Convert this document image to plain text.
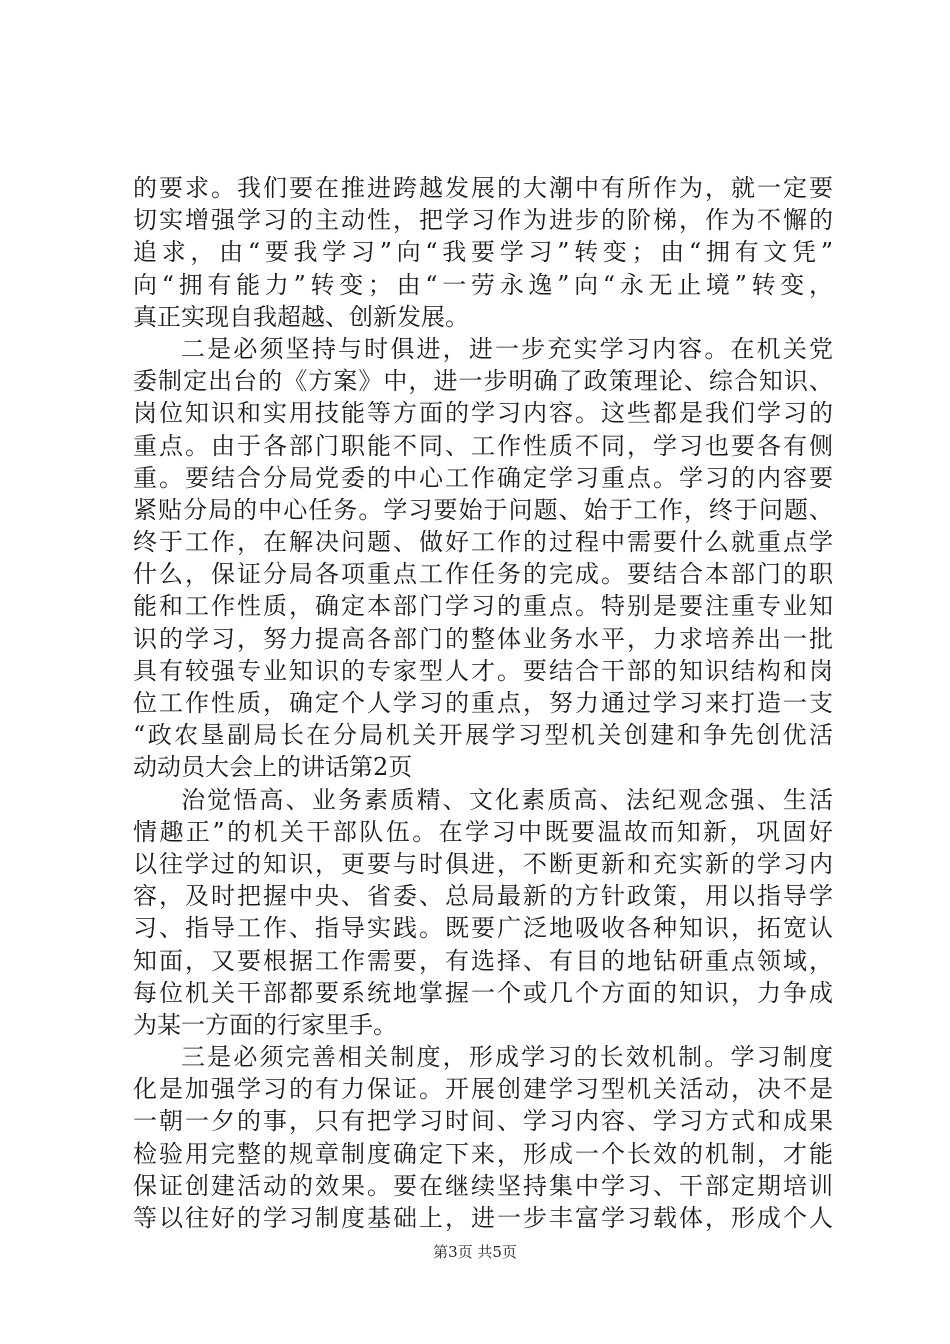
的要求。我们要在推进跨越发展的大潮中有所作为，就一定要
切实增强学习的主动性，把学习作为进步的阶梯，作为不懈的
追求，由“要我学习”向“我要学习”转变；由“拥有文凭”
向“拥有能力”转变；由“一劳永逸”向“永无止境”转变，
真正实现自我超越、创新发展。
二是必须坚持与时俱进，进一步充实学习内容。在机关党
委制定出台的《方案》中，进一步明确了政策理论、综合知识、
岗位知识和实用技能等方面的学习内容。这些都是我们学习的
重点。由于各部门职能不同、工作性质不同，学习也要各有侧
重。要结合分局党委的中心工作确定学习重点。学习的内容要
紧贴分局的中心任务。学习要始于问题、始于工作，终于问题、
终于工作，在解决问题、做好工作的过程中需要什么就重点学
什么，保证分局各项重点工作任务的完成。要结合本部门的职
能和工作性质，确定本部门学习的重点。特别是要注重专业知
识的学习，努力提高各部门的整体业务水平，力求培养出一批
具有较强专业知识的专家型人才。要结合干部的知识结构和岗
位工作性质，确定个人学习的重点，努力通过学习来打造一支
“政农垦副局长在分局机关开展学习型机关创建和争先创优活
动动员大会上的讲话第2页
治觉悟高、业务素质精、文化素质高、法纪观念强、生活
情趣正”的机关干部队伍。在学习中既要温故而知新，巩固好
以往学过的知识，更要与时俱进，不断更新和充实新的学习内
容，及时把握中央、省委、总局最新的方针政策，用以指导学
习、指导工作、指导实践。既要广泛地吸收各种知识，拓宽认
知面，又要根据工作需要，有选择、有目的地钻研重点领域，
每位机关干部都要系统地掌握一个或几个方面的知识，力争成
为某一方面的行家里手。
三是必须完善相关制度，形成学习的长效机制。学习制度
化是加强学习的有力保证。开展创建学习型机关活动，决不是
一朝一夕的事，只有把学习时间、学习内容、学习方式和成果
检验用完整的规章制度确定下来，形成一个长效的机制，才能
保证创建活动的效果。要在继续坚持集中学习、干部定期培训
等以往好的学习制度基础上，进一步丰富学习载体，形成个人
第3页 共5页
